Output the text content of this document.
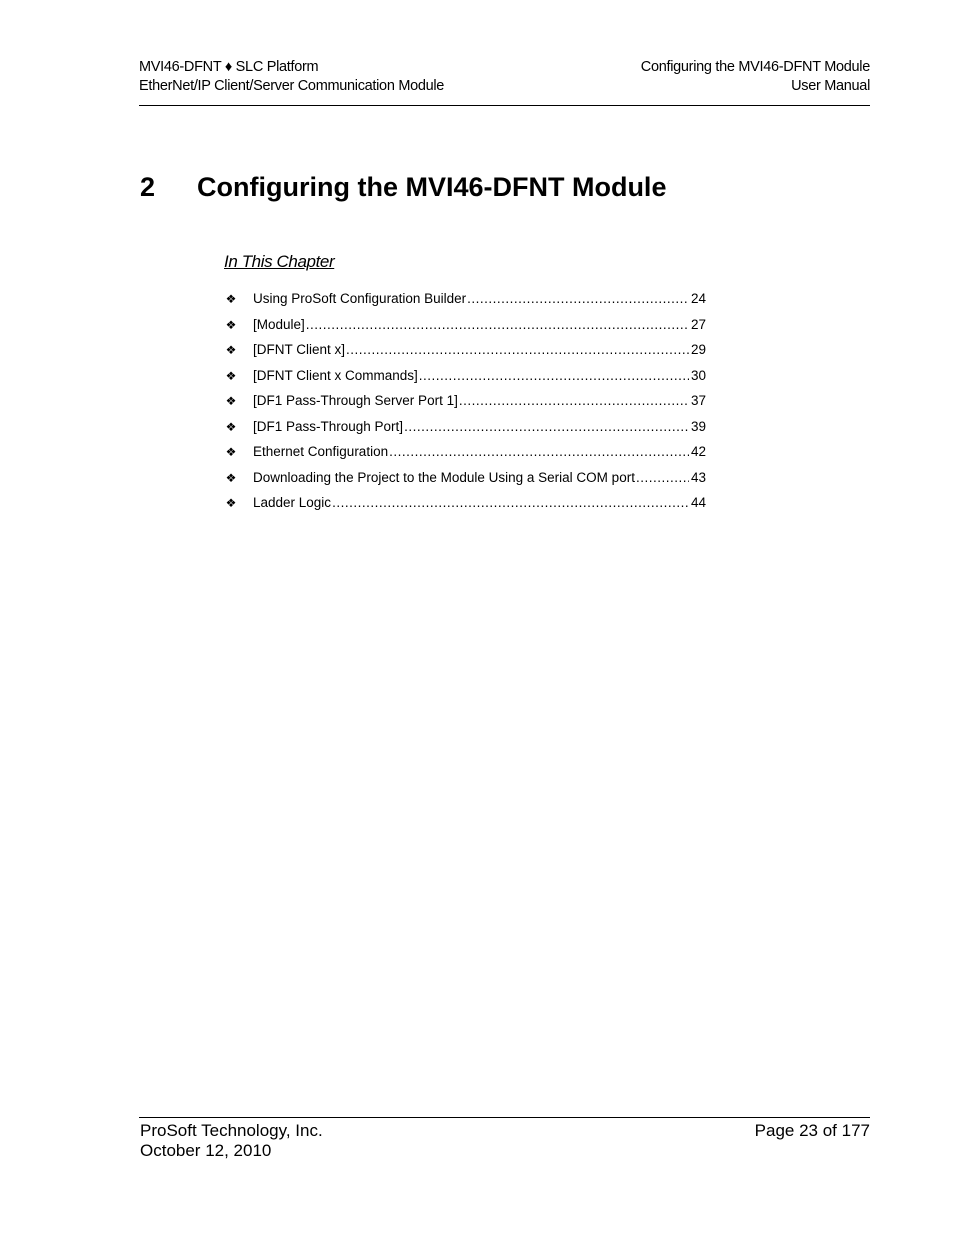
MVI46-DFNT ♦ SLC Platform
EtherNet/IP Client/Server Communication Module
Configuring the MVI46-DFNT Module
User Manual
2 Configuring the MVI46-DFNT Module
In This Chapter
❖ Using ProSoft Configuration Builder .....	24
❖ [Module] .....	27
❖ [DFNT Client x] .....	29
❖ [DFNT Client x Commands] .....	30
❖ [DF1 Pass-Through Server Port 1] .....	37
❖ [DF1 Pass-Through Port] .....	39
❖ Ethernet Configuration .....	42
❖ Downloading the Project to the Module Using a Serial COM port .....	43
❖ Ladder Logic .....	44
ProSoft Technology, Inc.
October 12, 2010
Page 23 of 177
